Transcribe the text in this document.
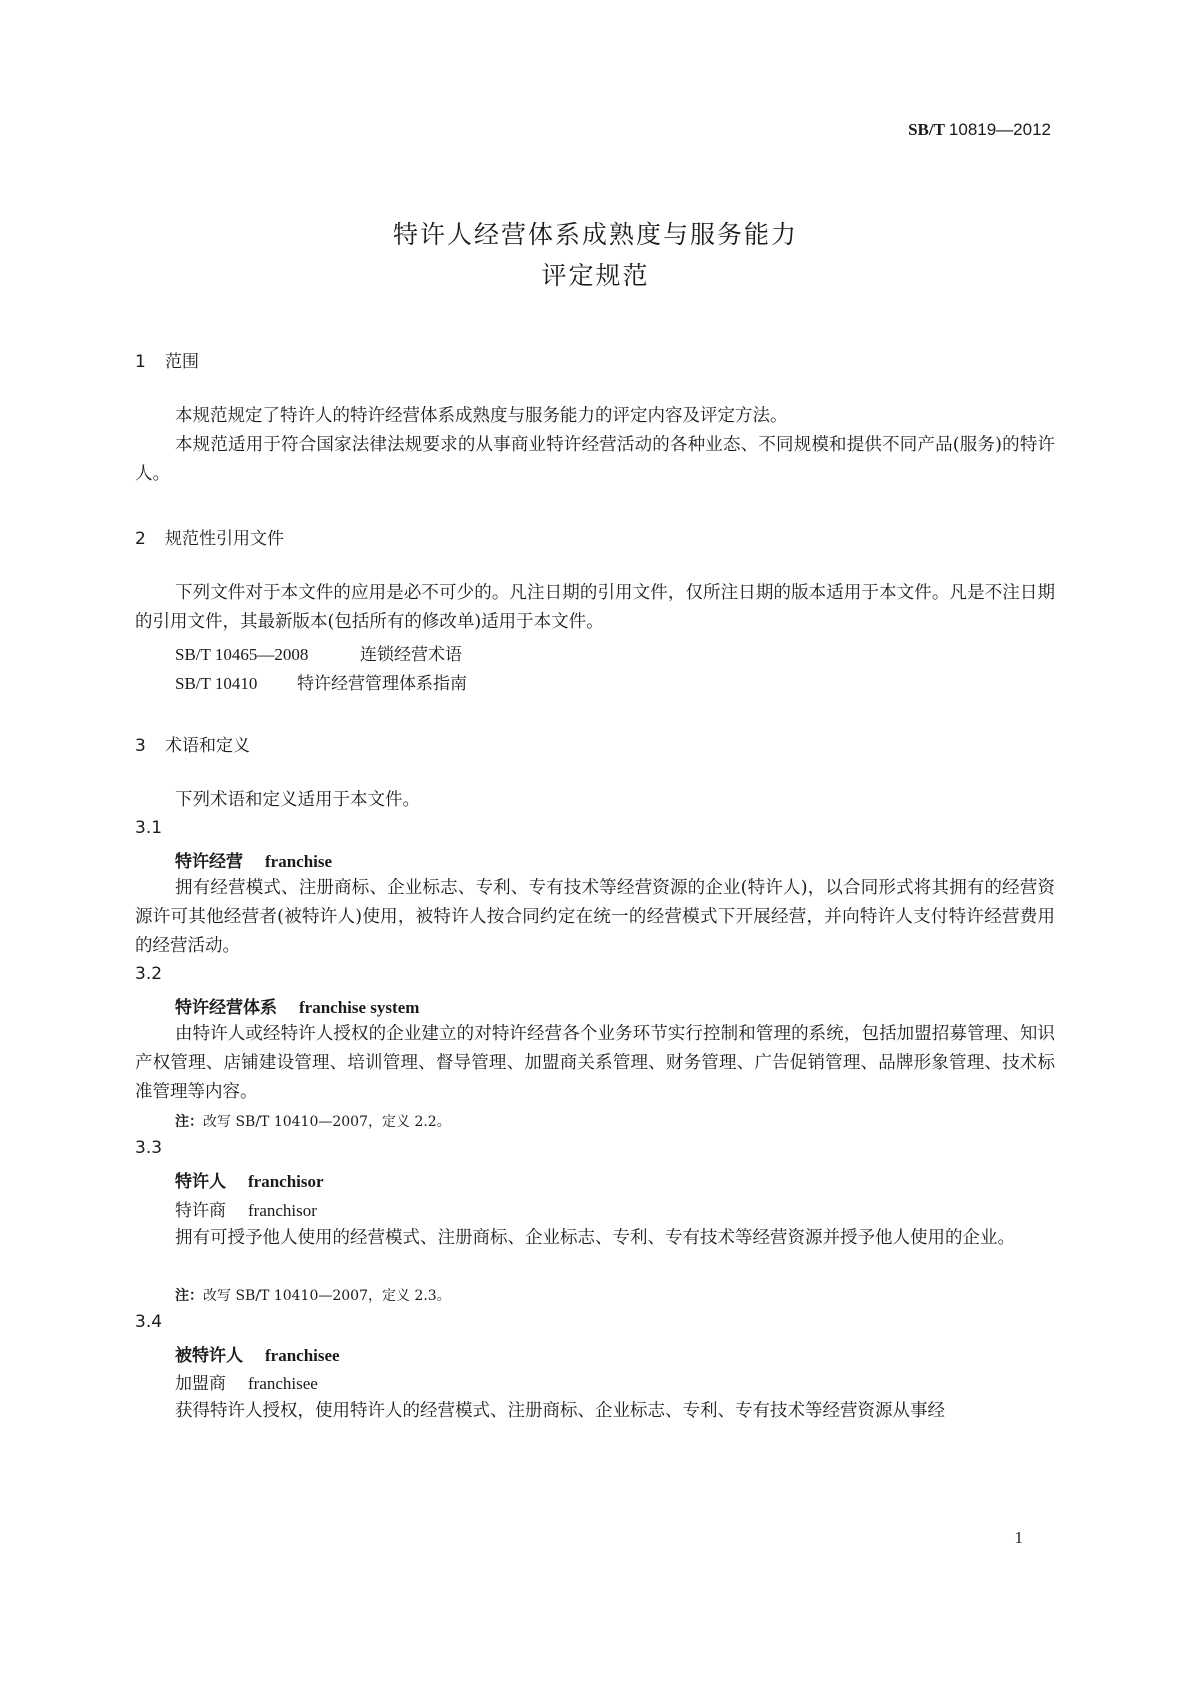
SB/T 10819—2012
特许人经营体系成熟度与服务能力
评定规范
1 范围
本规范规定了特许人的特许经营体系成熟度与服务能力的评定内容及评定方法。
本规范适用于符合国家法律法规要求的从事商业特许经营活动的各种业态、不同规模和提供不同产品(服务)的特许人。
2 规范性引用文件
下列文件对于本文件的应用是必不可少的。凡注日期的引用文件，仅所注日期的版本适用于本文件。凡是不注日期的引用文件，其最新版本(包括所有的修改单)适用于本文件。
SB/T 10465—2008	连锁经营术语
SB/T 10410 特许经营管理体系指南
3 术语和定义
下列术语和定义适用于本文件。
3.1
特许经营 franchise
拥有经营模式、注册商标、企业标志、专利、专有技术等经营资源的企业(特许人)，以合同形式将其拥有的经营资源许可其他经营者(被特许人)使用，被特许人按合同约定在统一的经营模式下开展经营，并向特许人支付特许经营费用的经营活动。
3.2
特许经营体系 franchise system
由特许人或经特许人授权的企业建立的对特许经营各个业务环节实行控制和管理的系统，包括加盟招募管理、知识产权管理、店铺建设管理、培训管理、督导管理、加盟商关系管理、财务管理、广告促销管理、品牌形象管理、技术标准管理等内容。
注：改写 SB/T 10410—2007，定义 2.2。
3.3
特许人 franchisor
特许商 franchisor
拥有可授予他人使用的经营模式、注册商标、企业标志、专利、专有技术等经营资源并授予他人使用的企业。
注：改写 SB/T 10410—2007，定义 2.3。
3.4
被特许人 franchisee
加盟商 franchisee
获得特许人授权，使用特许人的经营模式、注册商标、企业标志、专利、专有技术等经营资源从事经
1
